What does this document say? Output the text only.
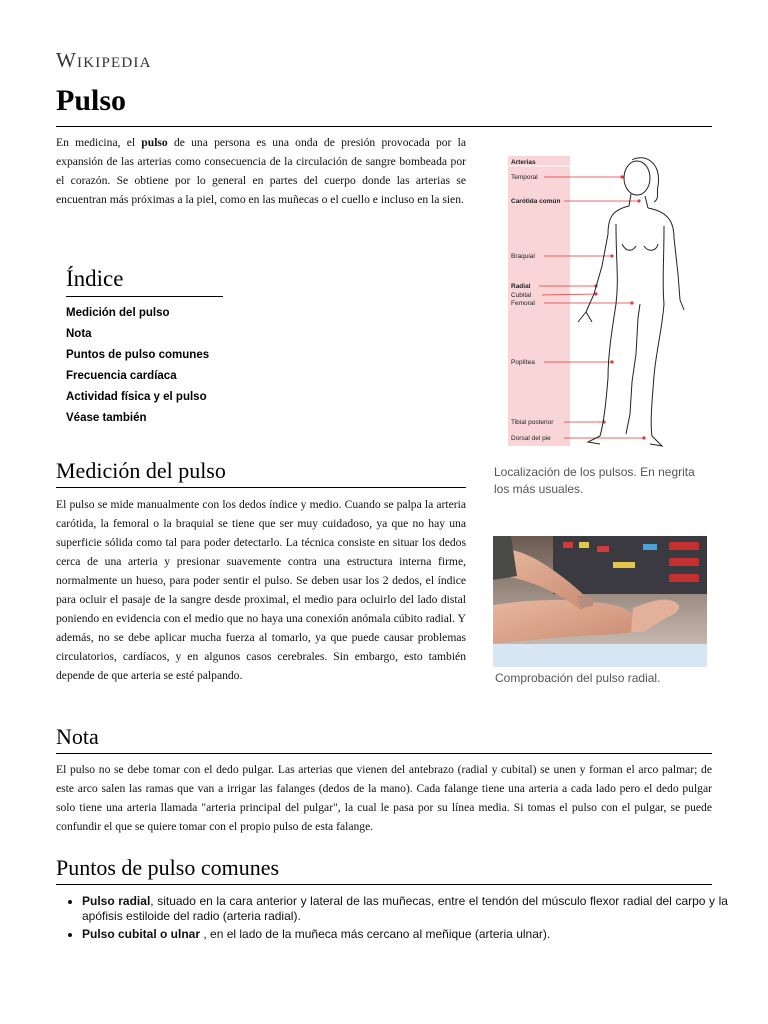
Wikipedia
Pulso

En medicina, el pulso de una persona es una onda de presión provocada por la expansión de las arterias como consecuencia de la circulación de sangre bombeada por el corazón. Se obtiene por lo general en partes del cuerpo donde las arterias se encuentran más próximas a la piel, como en las muñecas o el cuello e incluso en la sien.

Índice
Medición del pulso
Nota
Puntos de pulso comunes
Frecuencia cardíaca
Actividad física y el pulso
Véase también
Arterias
Temporal
Carótida común
Braquial
Radial
Cubital
Femoral
Poplítea
Tibial posterior
Dorsal del pie

Localización de los pulsos. En negrita los más usuales.

Comprobación del pulso radial.

Medición del pulso

El pulso se mide manualmente con los dedos índice y medio. Cuando se palpa la arteria carótida, la femoral o la braquial se tiene que ser muy cuidadoso, ya que no hay una superficie sólida como tal para poder detectarlo. La técnica consiste en situar los dedos cerca de una arteria y presionar suavemente contra una estructura interna firme, normalmente un hueso, para poder sentir el pulso. Se deben usar los 2 dedos, el índice para ocluir el pasaje de la sangre desde proximal, el medio para ocluirlo del lado distal poniendo en evidencia con el medio que no haya una conexión anómala cúbito radial. Y además, no se debe aplicar mucha fuerza al tomarlo, ya que puede causar problemas circulatorios, cardíacos, y en algunos casos cerebrales. Sin embargo, esto también depende de que arteria se esté palpando.

Nota

El pulso no se debe tomar con el dedo pulgar. Las arterias que vienen del antebrazo (radial y cubital) se unen y forman el arco palmar; de este arco salen las ramas que van a irrigar las falanges (dedos de la mano). Cada falange tiene una arteria a cada lado pero el dedo pulgar solo tiene una arteria llamada "arteria principal del pulgar", la cual le pasa por su línea media. Si tomas el pulso con el pulgar, se puede confundir el que se quiere tomar con el propio pulso de esta falange.

Puntos de pulso comunes
• Pulso radial, situado en la cara anterior y lateral de las muñecas, entre el tendón del músculo flexor radial del carpo y la apófisis estiloide del radio (arteria radial).
• Pulso cubital o ulnar , en el lado de la muñeca más cercano al meñique (arteria ulnar).
